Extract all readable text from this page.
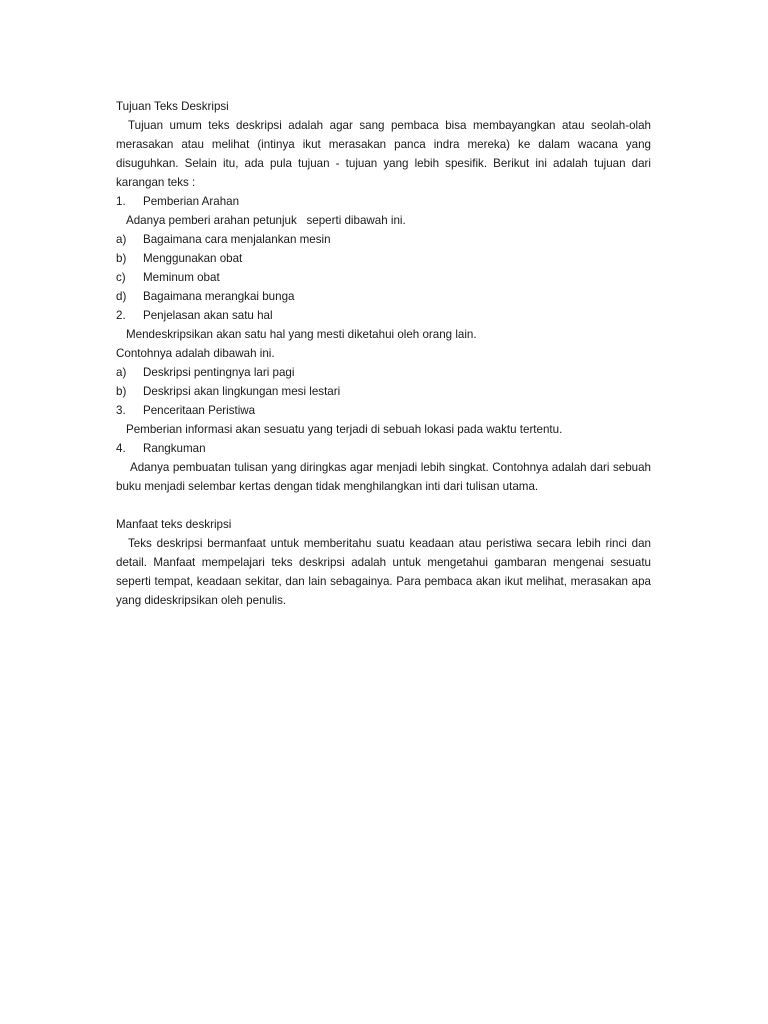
Tujuan Teks Deskripsi
Tujuan umum teks deskripsi adalah agar sang pembaca bisa membayangkan atau seolah-olah merasakan atau melihat (intinya ikut merasakan panca indra mereka) ke dalam wacana yang disuguhkan. Selain itu, ada pula tujuan - tujuan yang lebih spesifik. Berikut ini adalah tujuan dari karangan teks :
1.	Pemberian Arahan
Adanya pemberi arahan petunjuk   seperti dibawah ini.
a)	Bagaimana cara menjalankan mesin
b)	Menggunakan obat
c)	Meminum obat
d)	Bagaimana merangkai bunga
2.	Penjelasan akan satu hal
Mendeskripsikan akan satu hal yang mesti diketahui oleh orang lain.
Contohnya adalah dibawah ini.
a)	Deskripsi pentingnya lari pagi
b)	Deskripsi akan lingkungan mesi lestari
3.	Penceritaan Peristiwa
Pemberian informasi akan sesuatu yang terjadi di sebuah lokasi pada waktu tertentu.
4.	Rangkuman
Adanya pembuatan tulisan yang diringkas agar menjadi lebih singkat. Contohnya adalah dari sebuah buku menjadi selembar kertas dengan tidak menghilangkan inti dari tulisan utama.
Manfaat teks deskripsi
Teks deskripsi bermanfaat untuk memberitahu suatu keadaan atau peristiwa secara lebih rinci dan detail. Manfaat mempelajari teks deskripsi adalah untuk mengetahui gambaran mengenai sesuatu seperti tempat, keadaan sekitar, dan lain sebagainya. Para pembaca akan ikut melihat, merasakan apa yang dideskripsikan oleh penulis.
